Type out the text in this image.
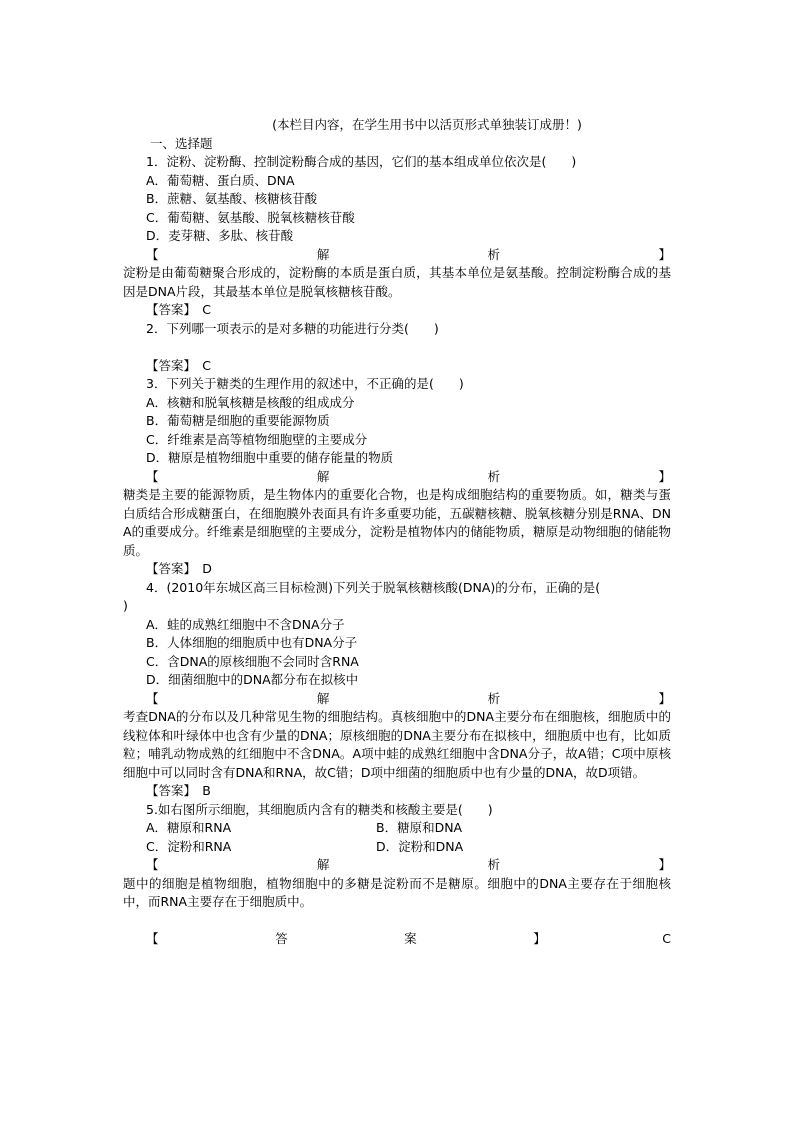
(本栏目内容，在学生用书中以活页形式单独装订成册！)
一、选择题
1．淀粉、淀粉酶、控制淀粉酶合成的基因，它们的基本组成单位依次是(　　)
A．葡萄糖、蛋白质、DNA
B．蔗糖、氨基酸、核糖核苷酸
C．葡萄糖、氨基酸、脱氧核糖核苷酸
D．麦芽糖、多肽、核苷酸
【	解	析	】
淀粉是由葡萄糖聚合形成的，淀粉酶的本质是蛋白质，其基本单位是氨基酸。控制淀粉酶合成的基因是DNA片段，其最基本单位是脱氧核糖核苷酸。
【答案】　 C
2．下列哪一项表示的是对多糖的功能进行分类(　　)
【答案】　 C
3．下列关于糖类的生理作用的叙述中，不正确的是(　　)
A．核糖和脱氧核糖是核酸的组成成分
B．葡萄糖是细胞的重要能源物质
C．纤维素是高等植物细胞壁的主要成分
D．糖原是植物细胞中重要的储存能量的物质
【	解	析	】
糖类是主要的能源物质，是生物体内的重要化合物，也是构成细胞结构的重要物质。如，糖类与蛋白质结合形成糖蛋白，在细胞膜外表面具有许多重要功能，五碳糖核糖、脱氧核糖分别是RNA、DNA的重要成分。纤维素是细胞壁的主要成分，淀粉是植物体内的储能物质，糖原是动物细胞的储能物质。
【答案】　 D
4．(2010年东城区高三目标检测)下列关于脱氧核糖核酸(DNA)的分布，正确的是(
)
A．蛙的成熟红细胞中不含DNA分子
B．人体细胞的细胞质中也有DNA分子
C．含DNA的原核细胞不会同时含RNA
D．细菌细胞中的DNA都分布在拟核中
【	解	析	】
考查DNA的分布以及几种常见生物的细胞结构。真核细胞中的DNA主要分布在细胞核，细胞质中的线粒体和叶绿体中也含有少量的DNA；原核细胞的DNA主要分布在拟核中，细胞质中也有，比如质粒；哺乳动物成熟的红细胞中不含DNA。A项中蛙的成熟红细胞中含DNA分子，故A错；C项中原核细胞中可以同时含有DNA和RNA，故C错；D项中细菌的细胞质中也有少量的DNA，故D项错。
【答案】　 B
5.如右图所示细胞，其细胞质内含有的糖类和核酸主要是(　　)
A．糖原和RNA	B．糖原和DNA
C．淀粉和RNA	D．淀粉和DNA
【	解	析	】
题中的细胞是植物细胞，植物细胞中的多糖是淀粉而不是糖原。细胞中的DNA主要存在于细胞核中，而RNA主要存在于细胞质中。
【	答	案	】	C
